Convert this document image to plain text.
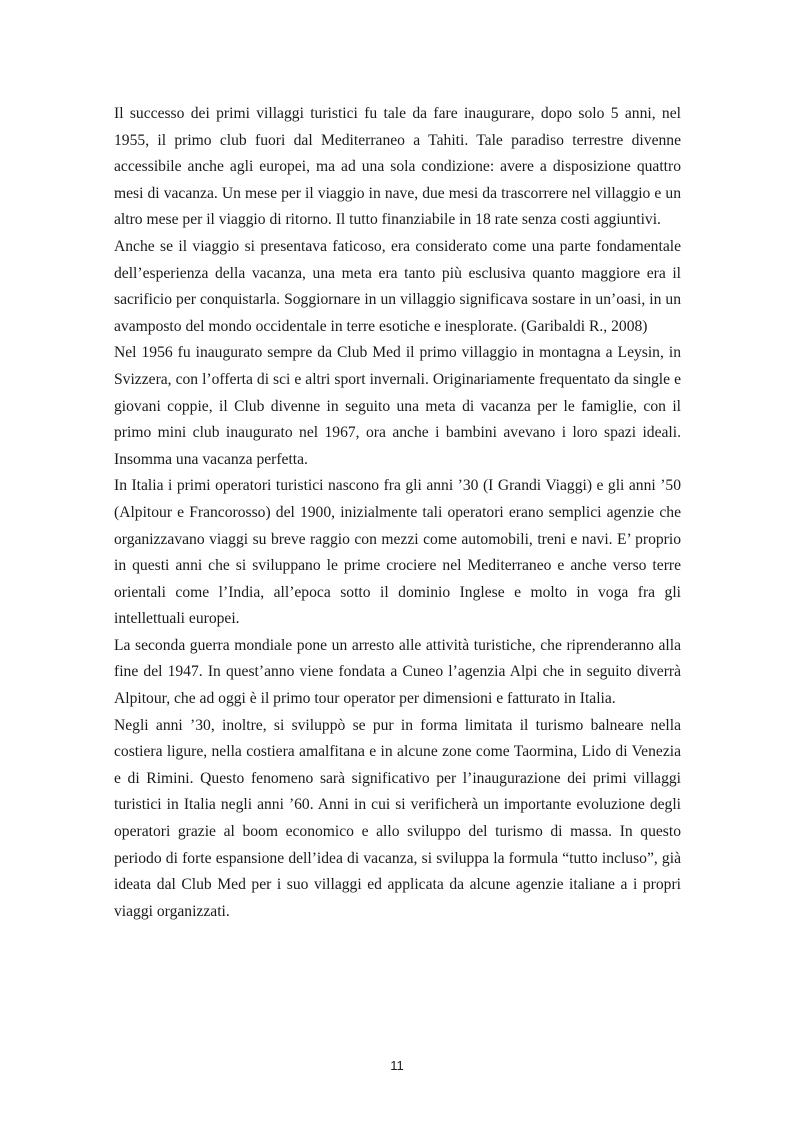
Il successo dei primi villaggi turistici fu tale da fare inaugurare, dopo solo 5 anni, nel 1955, il primo club fuori dal Mediterraneo a Tahiti. Tale paradiso terrestre divenne accessibile anche agli europei, ma ad una sola condizione: avere a disposizione quattro mesi di vacanza. Un mese per il viaggio in nave, due mesi da trascorrere nel villaggio e un altro mese per il viaggio di ritorno. Il tutto finanziabile in 18 rate senza costi aggiuntivi.

Anche se il viaggio si presentava faticoso, era considerato come una parte fondamentale dell’esperienza della vacanza, una meta era tanto più esclusiva quanto maggiore era il sacrificio per conquistarla. Soggiornare in un villaggio significava sostare in un’oasi, in un avamposto del mondo occidentale in terre esotiche e inesplorate. (Garibaldi R., 2008)

Nel 1956 fu inaugurato sempre da Club Med il primo villaggio in montagna a Leysin, in Svizzera, con l’offerta di sci e altri sport invernali. Originariamente frequentato da single e giovani coppie, il Club divenne in seguito una meta di vacanza per le famiglie, con il primo mini club inaugurato nel 1967, ora anche i bambini avevano i loro spazi ideali. Insomma una vacanza perfetta.

In Italia i primi operatori turistici nascono fra gli anni ’30 (I Grandi Viaggi) e gli anni ’50 (Alpitour e Francorosso) del 1900, inizialmente tali operatori erano semplici agenzie che organizzavano viaggi su breve raggio con mezzi come automobili, treni e navi. E’ proprio in questi anni che si sviluppano le prime crociere nel Mediterraneo e anche verso terre orientali come l’India, all’epoca sotto il dominio Inglese e molto in voga fra gli intellettuali europei.

La seconda guerra mondiale pone un arresto alle attività turistiche, che riprenderanno alla fine del 1947. In quest’anno viene fondata a Cuneo l’agenzia Alpi che in seguito diverrà Alpitour, che ad oggi è il primo tour operator per dimensioni e fatturato in Italia.

Negli anni ’30, inoltre, si sviluppò se pur in forma limitata il turismo balneare nella costiera ligure, nella costiera amalfitana e in alcune zone come Taormina, Lido di Venezia e di Rimini. Questo fenomeno sarà significativo per l’inaugurazione dei primi villaggi turistici in Italia negli anni ’60. Anni in cui si verificherà un importante evoluzione degli operatori grazie al boom economico e allo sviluppo del turismo di massa. In questo periodo di forte espansione dell’idea di vacanza, si sviluppa la formula “tutto incluso”, già ideata dal Club Med per i suo villaggi ed applicata da alcune agenzie italiane a i propri viaggi organizzati.

11
